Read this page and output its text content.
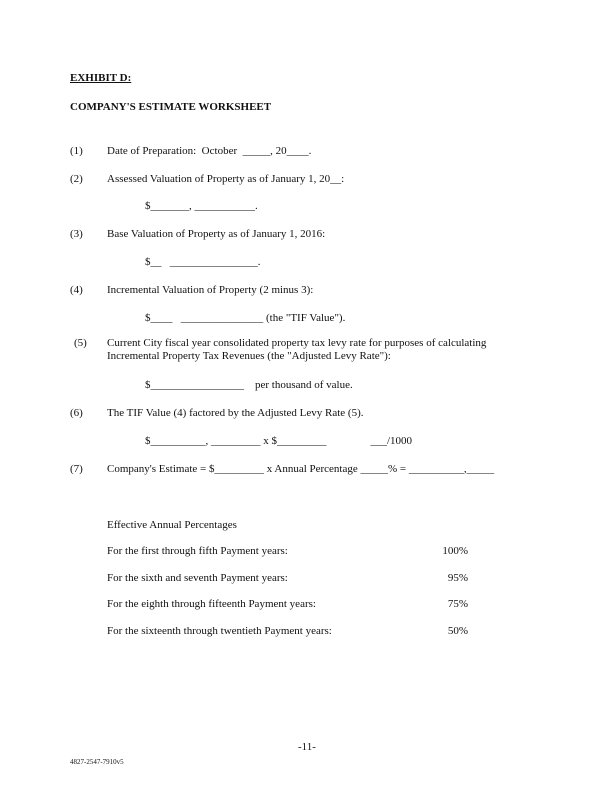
EXHIBIT D:
COMPANY'S ESTIMATE WORKSHEET
(1) Date of Preparation:  October  _____, 20____.
(2) Assessed Valuation of Property as of January 1, 20__:
$_______, ___________.
(3) Base Valuation of Property as of January 1, 2016:
$__   ________________.
(4) Incremental Valuation of Property (2 minus 3):
$____   _______________ (the "TIF Value").
(5) Current City fiscal year consolidated property tax levy rate for purposes of calculating
Incremental Property Tax Revenues (the "Adjusted Levy Rate"):
$_________________    per thousand of value.
(6) The TIF Value (4) factored by the Adjusted Levy Rate (5).
$__________, _________ x $_________                ___/1000
(7) Company's Estimate = $_________ x Annual Percentage _____% = __________,_____
Effective Annual Percentages
For the first through fifth Payment years:	100%
For the sixth and seventh Payment years:	95%
For the eighth through fifteenth Payment years:	75%
For the sixteenth through twentieth Payment years:	50%
-11-
4827-2547-7910v5
